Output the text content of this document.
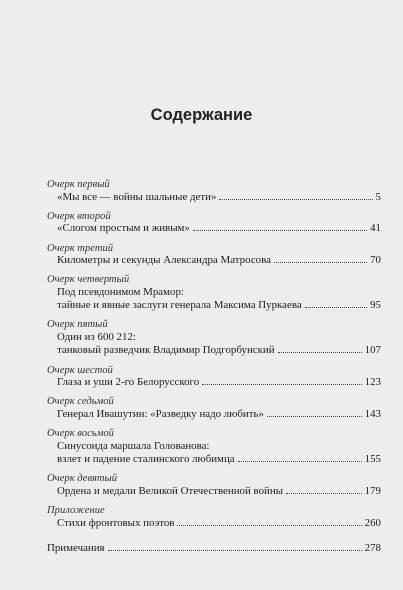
Содержание
Очерк первый
«Мы все — войны шальные дети»	5
Очерк второй
«Слогом простым и живым»	41
Очерк третий
Километры и секунды Александра Матросова	70
Очерк четвертый
Под псевдонимом Мрамор:
тайные и явные заслуги генерала Максима Пуркаева	95
Очерк пятый
Один из 600 212:
танковый разведчик Владимир Подгорбунский	107
Очерк шестой
Глаза и уши 2-го Белорусского	123
Очерк седьмой
Генерал Ивашутин: «Разведку надо любить»	143
Очерк восьмой
Синусоида маршала Голованова:
взлет и падение сталинского любимца	155
Очерк девятый
Ордена и медали Великой Отечественной войны	179
Приложение
Стихи фронтовых поэтов	260
Примечания	278
